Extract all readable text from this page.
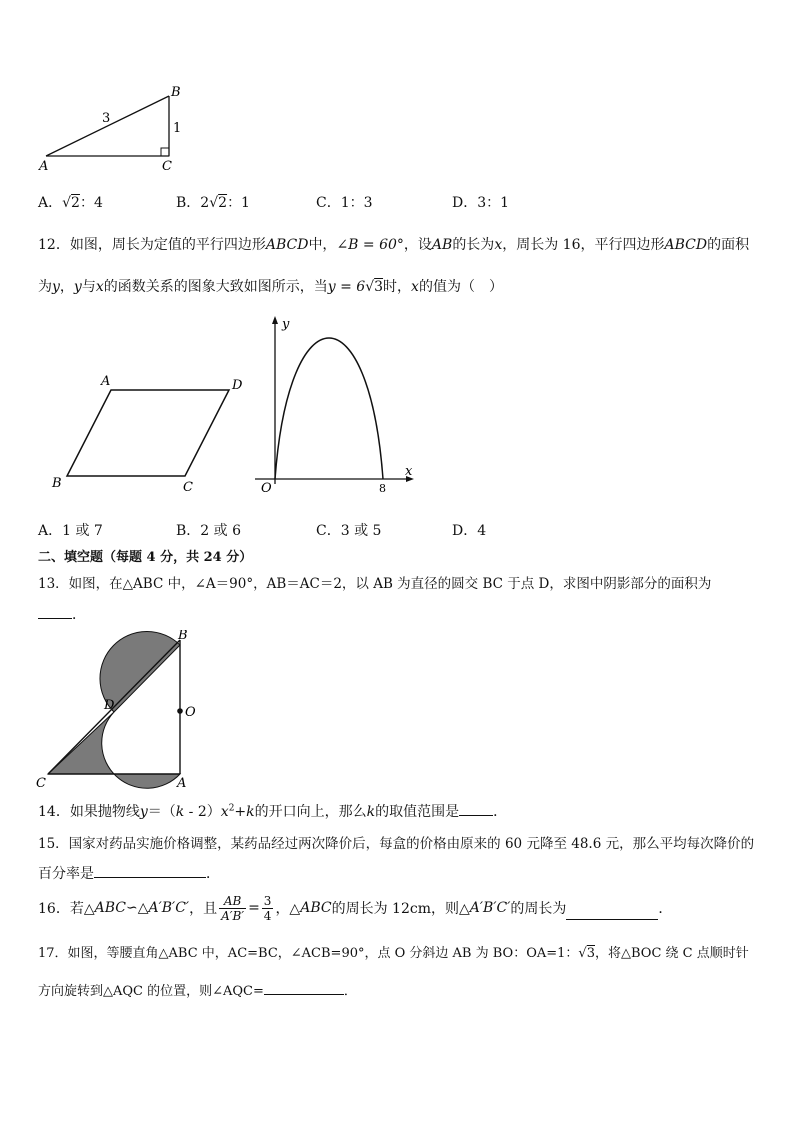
A
B
C
3
1
A．√2：4	B．2√2：1	C．1：3	D．3：1
12．如图，周长为定值的平行四边形ABCD中，∠B = 60°，设AB的长为x，周长为 16，平行四边形ABCD的面积
为y，y与x的函数关系的图象大致如图所示，当y = 6√3时，x的值为（　）
A	D
B	C
y
x
O	8
A．1 或 7	B．2 或 6	C．3 或 5	D．4
二、填空题（每题 4 分，共 24 分）
13．如图，在△ABC 中，∠A＝90°，AB＝AC＝2，以 AB 为直径的圆交 BC 于点 D，求图中阴影部分的面积为
．
B
D	O
C	A
14．如果抛物线$y=(k - 2)x^2+k$的开口向上，那么k的取值范围是 ．
15．国家对药品实施价格调整，某药品经过两次降价后，每盒的价格由原来的 60 元降至 48.6 元，那么平均每次降价的
百分率是	．
16．若△ ABC ∽△ A′B′C′ ，且 $\frac{AB}{A'B'} = \frac{3}{4}$ ，△ ABC 的周长为 12cm，则△ A′B′C′ 的周长为	．
17．如图，等腰直角△ABC 中，AC=BC，∠ACB=90°，点 O 分斜边 AB 为 BO：OA=1：√3，将△BOC 绕 C 点顺时针
方向旋转到△AQC 的位置，则∠AQC=	．
